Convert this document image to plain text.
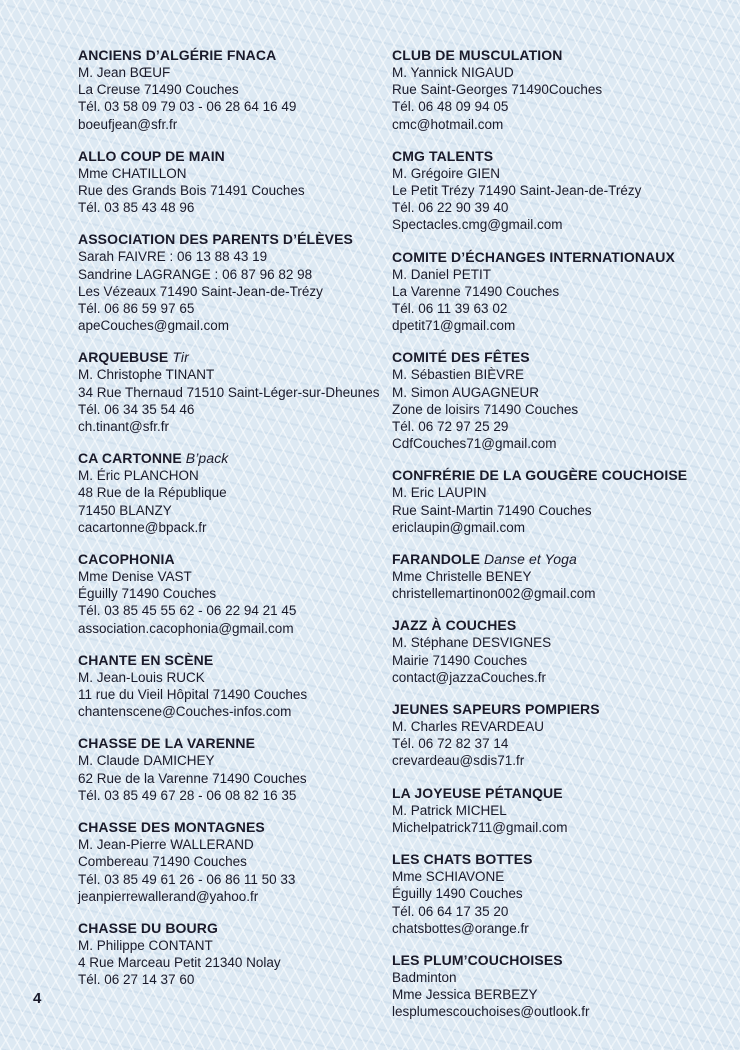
ANCIENS D’ALGÉRIE FNACA
M. Jean BŒUF
La Creuse 71490 Couches
Tél. 03 58 09 79 03 - 06 28 64 16 49
boeufjean@sfr.fr
ALLO COUP DE MAIN
Mme CHATILLON
Rue des Grands Bois 71491 Couches
Tél. 03 85 43 48 96
ASSOCIATION DES PARENTS D’ÉLÈVES
Sarah FAIVRE : 06 13 88 43 19
Sandrine LAGRANGE : 06 87 96 82 98
Les Vézeaux 71490 Saint-Jean-de-Trézy
Tél. 06 86 59 97 65
apeCouches@gmail.com
ARQUEBUSE Tir
M. Christophe TINANT
34 Rue Thernaud 71510 Saint-Léger-sur-Dheunes
Tél. 06 34 35 54 46
ch.tinant@sfr.fr
CA CARTONNE B’pack
M. Éric PLANCHON
48 Rue de la République
71450 BLANZY
cacartonne@bpack.fr
CACOPHONIA
Mme Denise VAST
Éguilly 71490 Couches
Tél. 03 85 45 55 62 - 06 22 94 21 45
association.cacophonia@gmail.com
CHANTE EN SCÈNE
M. Jean-Louis RUCK
11 rue du Vieil Hôpital 71490 Couches
chantenscene@Couches-infos.com
CHASSE DE LA VARENNE
M. Claude DAMICHEY
62 Rue de la Varenne 71490 Couches
Tél. 03 85 49 67 28 - 06 08 82 16 35
CHASSE DES MONTAGNES
M. Jean-Pierre WALLERAND
Combereau 71490 Couches
Tél. 03 85 49 61 26 - 06 86 11 50 33
jeanpierrewallerand@yahoo.fr
CHASSE DU BOURG
M. Philippe CONTANT
4 Rue Marceau Petit 21340 Nolay
Tél. 06 27 14 37 60
CLUB DE MUSCULATION
M. Yannick NIGAUD
Rue Saint-Georges 71490Couches
Tél. 06 48 09 94 05
cmc@hotmail.com
CMG TALENTS
M. Grégoire GIEN
Le Petit Trézy 71490 Saint-Jean-de-Trézy
Tél. 06 22 90 39 40
Spectacles.cmg@gmail.com
COMITE D’ÉCHANGES INTERNATIONAUX
M. Daniel PETIT
La Varenne 71490 Couches
Tél. 06 11 39 63 02
dpetit71@gmail.com
COMITÉ DES FÊTES
M. Sébastien BIÈVRE
M. Simon AUGAGNEUR
Zone de loisirs 71490 Couches
Tél. 06 72 97 25 29
CdfCouches71@gmail.com
CONFRÉRIE DE LA GOUGÈRE COUCHOISE
M. Eric LAUPIN
Rue Saint-Martin 71490 Couches
ericlaupin@gmail.com
FARANDOLE Danse et Yoga
Mme Christelle BENEY
christellemartinon002@gmail.com
JAZZ À COUCHES
M. Stéphane DESVIGNES
Mairie 71490 Couches
contact@jazzaCouches.fr
JEUNES SAPEURS POMPIERS
M. Charles REVARDEAU
Tél. 06 72 82 37 14
crevardeau@sdis71.fr
LA JOYEUSE PÉTANQUE
M. Patrick MICHEL
Michelpatrick711@gmail.com
LES CHATS BOTTES
Mme SCHIAVONE
Éguilly 1490 Couches
Tél. 06 64 17 35 20
chatsbottes@orange.fr
LES PLUM’COUCHOISES
Badminton
Mme Jessica BERBEZY
lesplumescouchoises@outlook.fr
4
